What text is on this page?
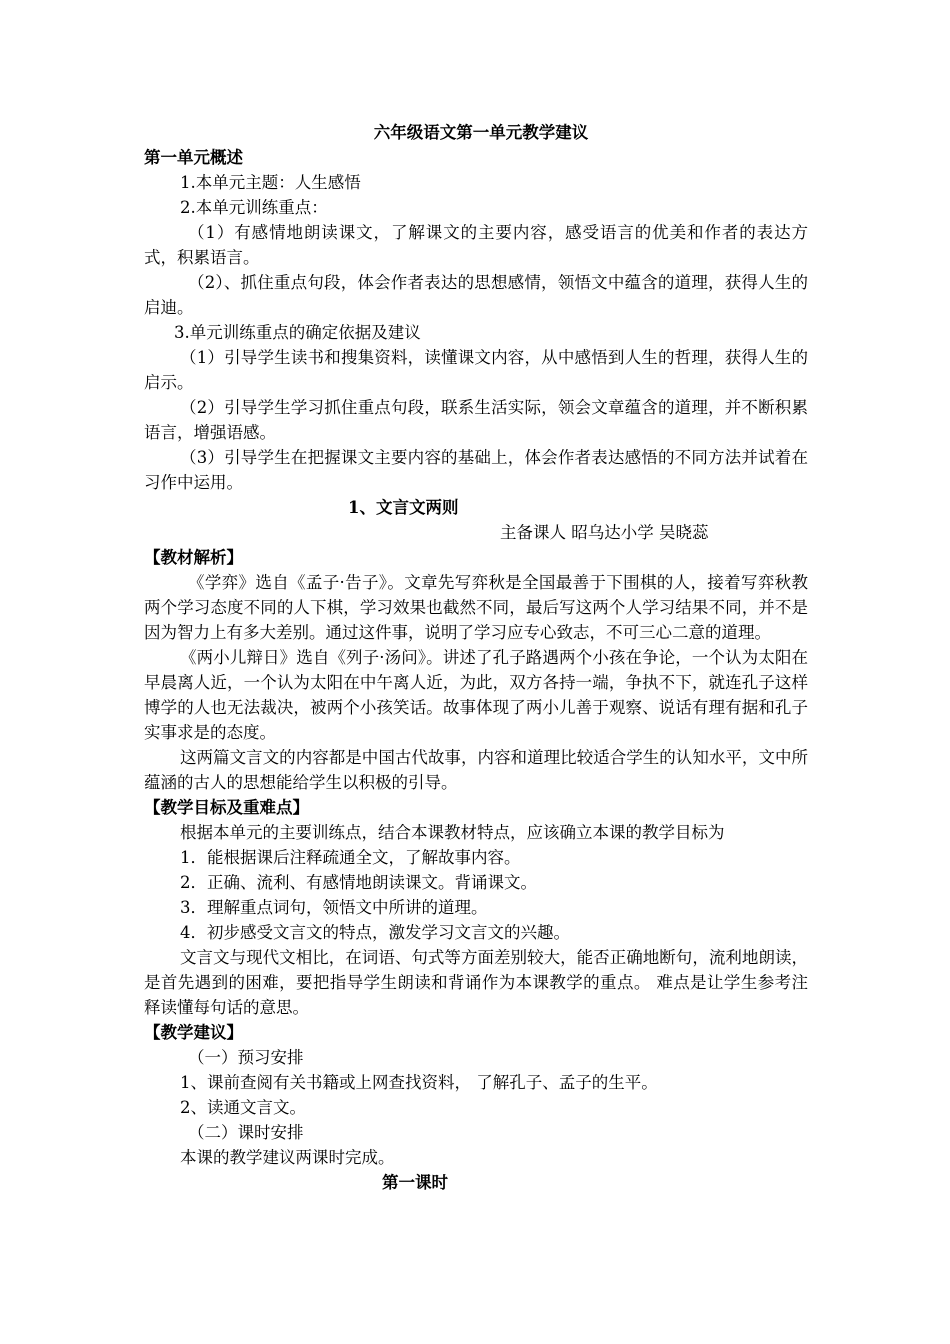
六年级语文第一单元教学建议
第一单元概述
1.本单元主题：人生感悟
2.本单元训练重点：

（1）有感情地朗读课文，了解课文的主要内容，感受语言的优美和作者的表达方式，积累语言。

（2）、抓住重点句段，体会作者表达的思想感情，领悟文中蕴含的道理，获得人生的启迪。

3.单元训练重点的确定依据及建议

（1）引导学生读书和搜集资料，读懂课文内容，从中感悟到人生的哲理，获得人生的启示。

（2）引导学生学习抓住重点句段，联系生活实际，领会文章蕴含的道理，并不断积累语言，增强语感。

（3）引导学生在把握课文主要内容的基础上，体会作者表达感悟的不同方法并试着在习作中运用。

1、文言文两则
主备课人 昭乌达小学 吴晓蕊
【教材解析】

《学弈》选自《孟子·告子》。文章先写弈秋是全国最善于下围棋的人，接着写弈秋教两个学习态度不同的人下棋，学习效果也截然不同，最后写这两个人学习结果不同，并不是因为智力上有多大差别。通过这件事，说明了学习应专心致志，不可三心二意的道理。

《两小儿辩日》选自《列子·汤问》。讲述了孔子路遇两个小孩在争论，一个认为太阳在早晨离人近，一个认为太阳在中午离人近，为此，双方各持一端，争执不下，就连孔子这样博学的人也无法裁决，被两个小孩笑话。故事体现了两小儿善于观察、说话有理有据和孔子实事求是的态度。

这两篇文言文的内容都是中国古代故事，内容和道理比较适合学生的认知水平，文中所蕴涵的古人的思想能给学生以积极的引导。

【教学目标及重难点】
根据本单元的主要训练点，结合本课教材特点，应该确立本课的教学目标为
1．能根据课后注释疏通全文，了解故事内容。
2．正确、流利、有感情地朗读课文。背诵课文。
3．理解重点词句，领悟文中所讲的道理。
4．初步感受文言文的特点，激发学习文言文的兴趣。

文言文与现代文相比，在词语、句式等方面差别较大，能否正确地断句，流利地朗读，是首先遇到的困难，要把指导学生朗读和背诵作为本课教学的重点。 难点是让学生参考注释读懂每句话的意思。

【教学建议】
（一）预习安排
1、课前查阅有关书籍或上网查找资料， 了解孔子、孟子的生平。
2、读通文言文。
（二）课时安排
本课的教学建议两课时完成。
第一课时
